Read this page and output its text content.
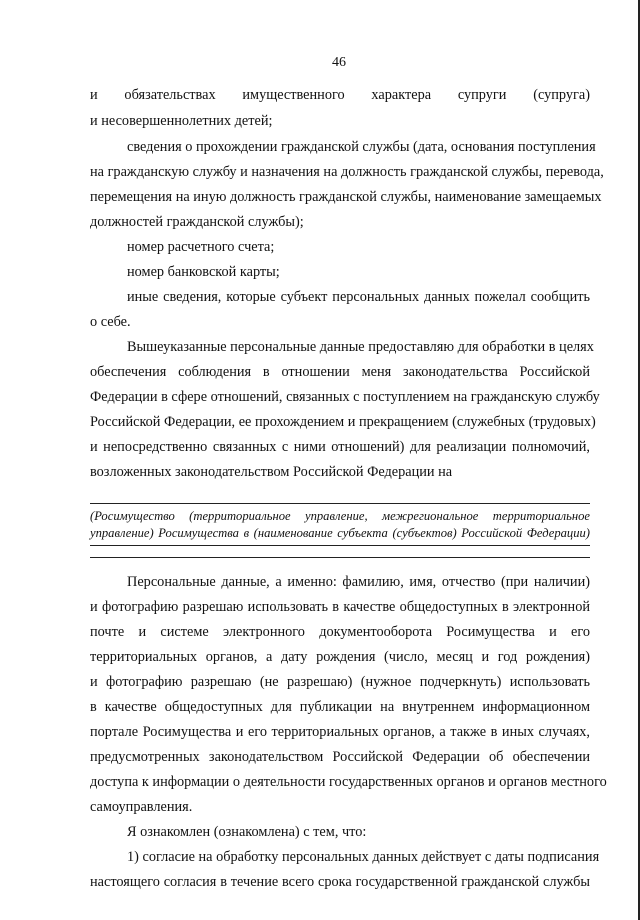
46
и обязательствах имущественного характера супруги (супруга)
и несовершеннолетних детей;
сведения о прохождении гражданской службы (дата, основания поступления
на гражданскую службу и назначения на должность гражданской службы, перевода,
перемещения на иную должность гражданской службы, наименование замещаемых
должностей гражданской службы);
номер расчетного счета;
номер банковской карты;
иные сведения, которые субъект персональных данных пожелал сообщить
о себе.
Вышеуказанные персональные данные предоставляю для обработки в целях
обеспечения соблюдения в отношении меня законодательства Российской
Федерации в сфере отношений, связанных с поступлением на гражданскую службу
Российской Федерации, ее прохождением и прекращением (служебных (трудовых)
и непосредственно связанных с ними отношений) для реализации полномочий,
возложенных законодательством Российской Федерации на
(Росимущество (территориальное управление, межрегиональное территориальное
управление) Росимущества в (наименование субъекта (субъектов) Российской Федерации)
Персональные данные, а именно: фамилию, имя, отчество (при наличии)
и фотографию разрешаю использовать в качестве общедоступных в электронной
почте и системе электронного документооборота Росимущества и его
территориальных органов, а дату рождения (число, месяц и год рождения)
и фотографию разрешаю (не разрешаю) (нужное подчеркнуть) использовать
в качестве общедоступных для публикации на внутреннем информационном
портале Росимущества и его территориальных органов, а также в иных случаях,
предусмотренных законодательством Российской Федерации об обеспечении
доступа к информации о деятельности государственных органов и органов местного
самоуправления.
Я ознакомлен (ознакомлена) с тем, что:
1) согласие на обработку персональных данных действует с даты подписания
настоящего согласия в течение всего срока государственной гражданской службы
